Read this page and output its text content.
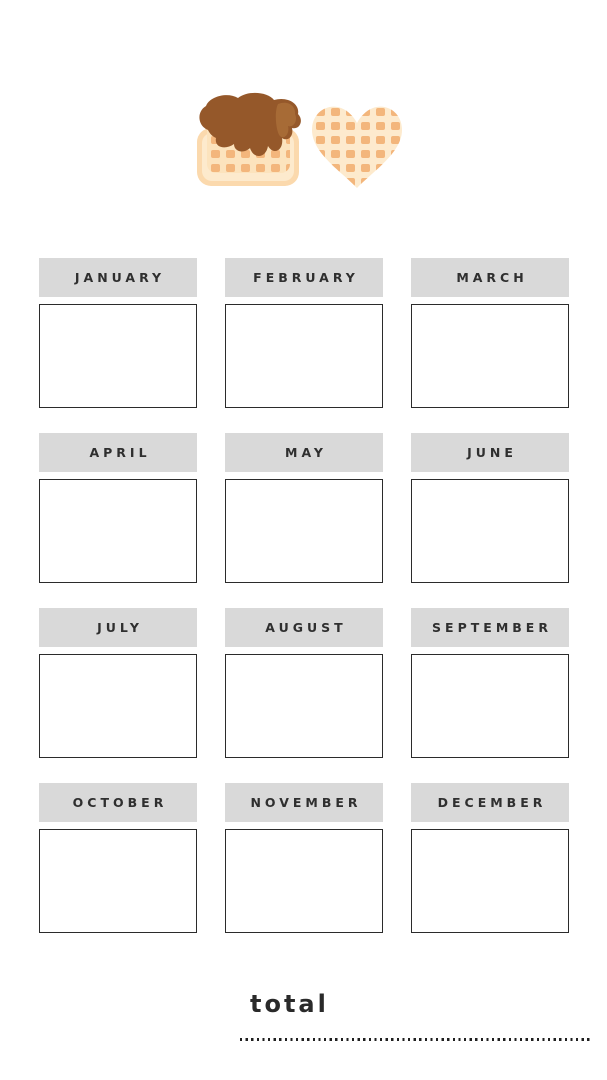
JANUARY	FEBRUARY	MARCH
APRIL	MAY	JUNE
JULY	AUGUST	SEPTEMBER
OCTOBER	NOVEMBER	DECEMBER
total
